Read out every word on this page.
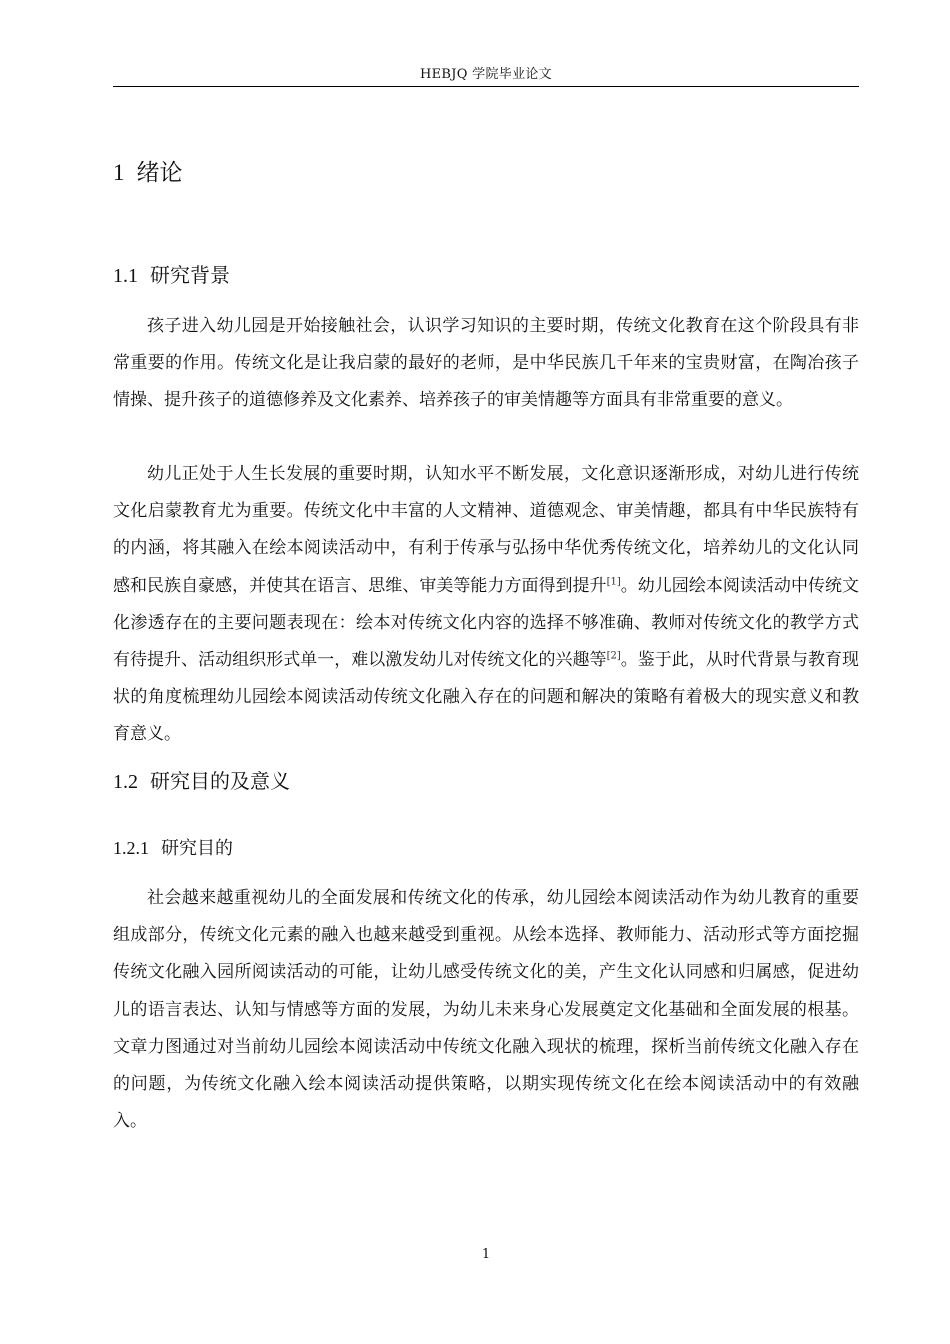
HEBJQ 学院毕业论文
1 绪论
1.1 研究背景

孩子进入幼儿园是开始接触社会，认识学习知识的主要时期，传统文化教育在这个阶段具有非常重要的作用。传统文化是让我启蒙的最好的老师，是中华民族几千年来的宝贵财富，在陶冶孩子情操、提升孩子的道德修养及文化素养、培养孩子的审美情趣等方面具有非常重要的意义。

幼儿正处于人生长发展的重要时期，认知水平不断发展，文化意识逐渐形成，对幼儿进行传统文化启蒙教育尤为重要。传统文化中丰富的人文精神、道德观念、审美情趣，都具有中华民族特有的内涵，将其融入在绘本阅读活动中，有利于传承与弘扬中华优秀传统文化，培养幼儿的文化认同感和民族自豪感，并使其在语言、思维、审美等能力方面得到提升[1]。幼儿园绘本阅读活动中传统文化渗透存在的主要问题表现在：绘本对传统文化内容的选择不够准确、教师对传统文化的教学方式有待提升、活动组织形式单一，难以激发幼儿对传统文化的兴趣等[2]。鉴于此，从时代背景与教育现状的角度梳理幼儿园绘本阅读活动传统文化融入存在的问题和解决的策略有着极大的现实意义和教育意义。

1.2 研究目的及意义
1.2.1 研究目的

社会越来越重视幼儿的全面发展和传统文化的传承，幼儿园绘本阅读活动作为幼儿教育的重要组成部分，传统文化元素的融入也越来越受到重视。从绘本选择、教师能力、活动形式等方面挖掘传统文化融入园所阅读活动的可能，让幼儿感受传统文化的美，产生文化认同感和归属感，促进幼儿的语言表达、认知与情感等方面的发展，为幼儿未来身心发展奠定文化基础和全面发展的根基。文章力图通过对当前幼儿园绘本阅读活动中传统文化融入现状的梳理，探析当前传统文化融入存在的问题，为传统文化融入绘本阅读活动提供策略，以期实现传统文化在绘本阅读活动中的有效融入。

1
